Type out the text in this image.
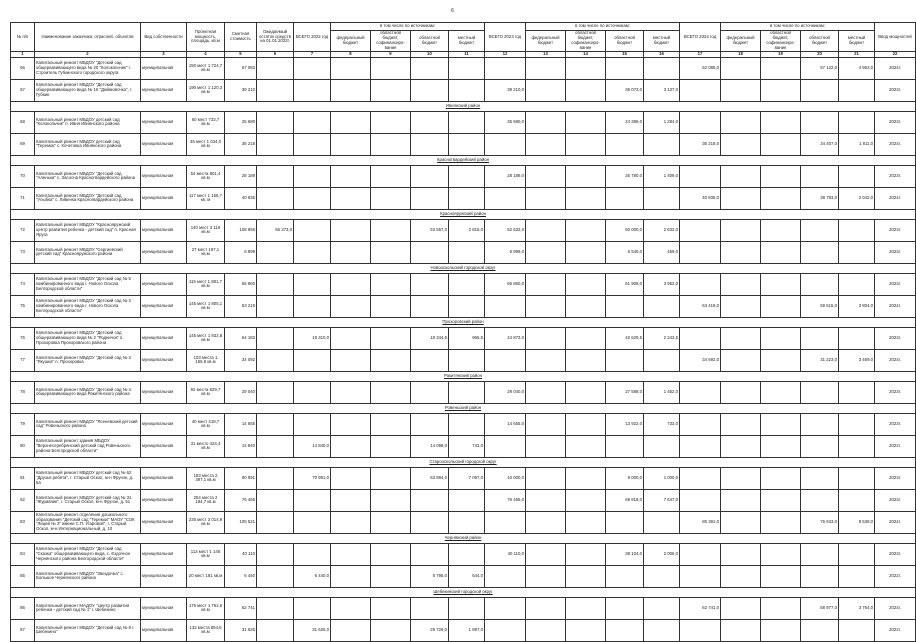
6
№ п/п	Наименование заказчика, отраслей, объектов	Вид собственности	Проектная мощность, площадь, кв.м	Сметная стоимость	Ожидаемый остаток средств на 01.01.2022г.	ВСЕГО 2022 год	в том числе по источникам:				ВСЕГО 2023 год	в том числе по источникам:				ВСЕГО 2024 год	в том числе по источникам:				Ввод мощностей
							федеральный бюджет	областной бюджет, софинансиро-вание	областной бюджет	местный бюджет		федеральный бюджет	областной бюджет, софинансиро-вание	областной бюджет	местный бюджет		федеральный бюджет	областной бюджет, софинансиро-вание	областной бюджет	местный бюджет	
1	2	3	4	5	6	7	8	9	10	11	12	13	14	15	16	17	18	19	20	21	22
66	Капитальный ремонт МБДОУ "Детский сад общеразвивающего вида № 20 "Колокольчик" г. Строитель Губкинского городского округа	муниципальная	150 мест 1 724,7 кв.м	67 083												62 085,0			57 122,0	4 963,0	2024г.
67	Капитальный ремонт МБДОУ "Детский сад общеразвивающего вида № 16 "Дюймовочка", г. Губкин	муниципальная	190 мест 1 120,3 кв.м	39 210							39 210,0			36 073,0	3 137,0						2023г.
Ивнянский район																					
68	Капитальный ремонт МБДОУ детский сад "Колокольчик" п. Ивня Ивнянского района	муниципальная	60 мест 733,7 кв.м	25 680							25 680,0			24 396,0	1 284,0						2023г.
69	Капитальный ремонт МБДОУ детский сад "Теремок" с. Кочетовка Ивнянского района	муниципальная	45 мест 1 034,0 кв.м	36 218												36 218,0			34 407,0	1 811,0	2024г.
Красногвардейский район																					
70	Капитальный ремонт МБДОУ "Детский сад "Аленька" с. Засосна Красногвардейского района	муниципальная	54 места 801,4 кв.м	28 189							28 189,0			26 780,0	1 409,0						2023г.
71	Капитальный ремонт МБДОУ "Детский сад "Улыбка" с. Ливенка Красногвардейского района	муниципальная	117 мест 1 166,7 кв. м	40 835												40 835,0			38 793,0	2 042,0	2024г.
Краснояружский район																					
72	Капитальный ремонт МБДОУ "Краснояружский центр развития ребенка - детский сад" п. Красная Яруга	муниципальная	140 мест 3 119 кв.м	108 955	56 373,0				53 557,0	2 816,0	52 632,0			50 000,0	2 632,0						2023г.
73	Капитальный ремонт МБДОУ "Сергиевский детский сад" Краснояружского района	муниципальная	27 мест 197,1 кв.м	6 899							6 999,0			6 540,0	459,0						2023г.
Новооскольский городской округ																					
74	Капитальный ремонт МБДОУ "Детский сад № 5 комбинированного вида г. Нового Оскола Белгородской области"	муниципальная	115 мест 1 881,7 кв.м	65 860							65 860,0			61 908,0	3 952,0						2023г.
75	Капитальный ремонт МБДОУ "Детский сад № 3 комбинированного вида г. Нового Оскола Белгородской области"	муниципальная	145 мест 1 805,1 кв.м	63 219												63 419,0			59 515,0	3 804,0	2024г.
Прохоровский район																					
76	Капитальный ремонт МБДОУ "Детский сад общеразвивающего вида № 2 "Родничок" п. Прохоровка Прохоровского района	муниципальная	145 мест 1 832,8 кв.м	64 183		19 310,0			18 344,5	965,5	44 873,0			42 629,5	2 243,5						2023г.
77	Капитальный ремонт МБДОУ "Детский сад № 3 "Якушка" п. Прохоровка	муниципальная	103 места 1 156,8 кв.м	34 092												34 692,0			31 223,0	3 469,0	2024г.
Ракитянский район																					
78	Капитальный ремонт МБДОУ "Детский сад № 4 общеразвивающего вида Ракитянского района	муниципальная	92 места 829,7 кв.м	29 040							29 040,0			27 588,0	1 452,0						2023г.
Ровеньский район																					
79	Капитальный ремонт МБДОУ "Ясеневский детский сад" Ровеньского района	муниципальная	40 мест 418,7 кв.м	14 655							14 655,0			13 922,0	733,0						2023г.
80	Капитальный ремонт здания МБДОУ "Верхнесеребрянский детский сад Ровеньского района Белгородской области"	муниципальная	31 место 424,4 кв.м	14 840		14 840,0			14 098,0	742,0											2022г.
Старооскольский городской округ																					
81	Капитальный ремонт МБДОУ детский сад № 62 "Друзья ребята", г. Старый Оскол, м-н Фрунзе, д. 5а	муниципальная	183 места 2 397,1 кв.м	80 991		70 991,0			63 884,0	7 097,0	10 000,0			9 000,0	1 000,0						2023г.
82	Капитальный ремонт МБДОУ детский сад № 31 "Журавлик", г. Старый Оскол, м-н Фрунзе, д. 51	муниципальная	254 места 2 184,7 кв.м	76 465							76 465,0			68 818,0	7 647,0						2023г.
83	Капитальный ремонт отделения дошкольного образования "Детский сад "Теремок" МАОУ "СОК "Лицей № 3" имени С.П. Угаровой", г. Старый Оскол, м-н Интернациональный, д. 10	муниципальная	235 мест 3 014,9 кв.м	105 521												85 391,0			76 843,0	8 538,0	2024г.
Чернянский район																					
84	Капитальный ремонт МБДОУ "Детский сад "Сказка" общеразвивающего вида, с. Ездочное Чернянского района Белгородской области"	муниципальная	113 мест 1 146 кв.м	40 110							40 110,0			38 104,0	2 006,0						2023г.
85	Капитальный ремонт МБДОУ "Звездочка" с. Большое Чернянского района	муниципальная	20 мест 181 кв.м	6 440		6 440,0			5 796,0	644,0											2022г.
Шебекинский городской округ																					
86	Капитальный ремонт МАДОУ "Центр развития ребенка - детский сад № 1" г. Шебекино	муниципальная	175 мест 1 762,6 кв.м	62 741												62 741,0			58 977,0	3 764,0	2024г.
87	Капитальный ремонт МБДОУ "Детский сад № 9 г. Шебекино"	муниципальная	132 места 894,5 кв.м	31 626		31 626,0			29 729,0	1 897,0											2022г.
